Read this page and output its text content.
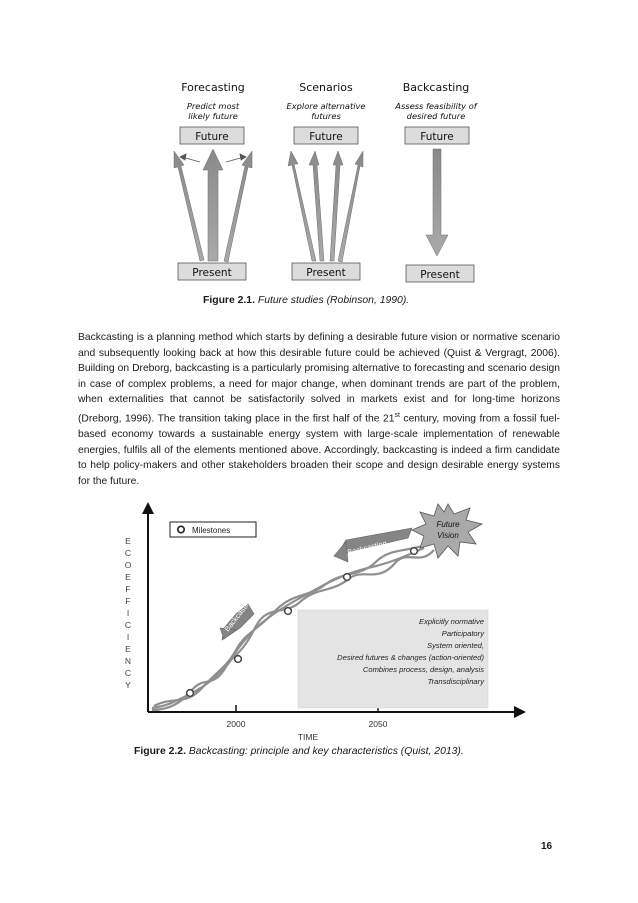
Forecasting
Predict most
likely future
Scenarios
Explore alternative
futures
Backcasting
Assess feasibility of
desired future
Future	Future	Future
Present	Present	Present
Figure 2.1. Future studies (Robinson, 1990).

Backcasting is a planning method which starts by defining a desirable future vision or normative scenario and subsequently looking back at how this desirable future could be achieved (Quist & Vergragt, 2006). Building on Dreborg, backcasting is a particularly promising alternative to forecasting and scenario design in case of complex problems, a need for major change, when dominant trends are part of the problem, when externalities that cannot be satisfactorily solved in markets exist and for long-time horizons (Dreborg, 1996). The transition taking place in the first half of the 21st century, moving from a fossil fuel-based economy towards a sustainable energy system with large-scale implementation of renewable energies, fulfils all of the elements mentioned above. Accordingly, backcasting is indeed a firm candidate to help policy-makers and other stakeholders broaden their scope and design desirable energy systems for the future.

E
C
O
E
F
F
I
C
I
E
N
C
Y
2000	2050
TIME
Milestones
Explicitly normative
Participatory
System oriented,
Desired futures & changes (action-oriented)
Combines process, design, analysis
Transdisciplinary
Backcasting
Backcasting
Future
Vision
Figure 2.2. Backcasting: principle and key characteristics (Quist, 2013).
16
